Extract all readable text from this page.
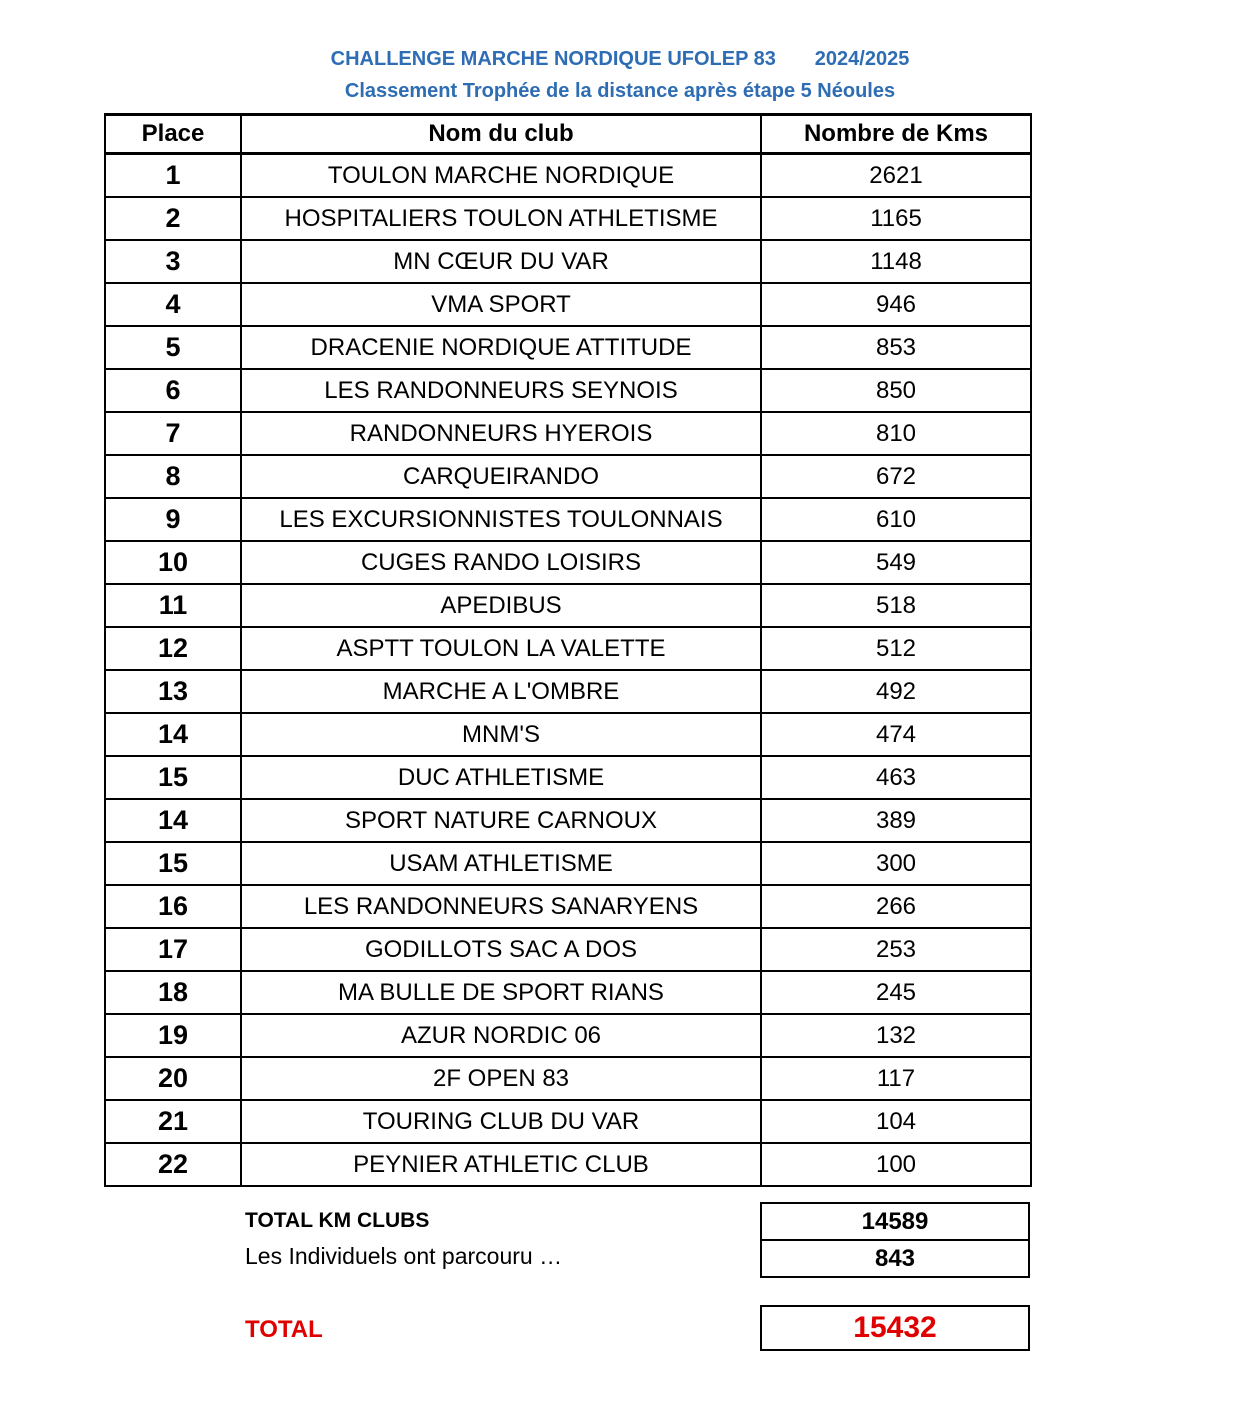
CHALLENGE MARCHE NORDIQUE UFOLEP 83 2024/2025
Classement Trophée de la distance après étape 5 Néoules
Place	Nom du club	Nombre de Kms
1	TOULON MARCHE NORDIQUE	2621
2	HOSPITALIERS TOULON ATHLETISME	1165
3	MN CŒUR DU VAR	1148
4	VMA SPORT	946
5	DRACENIE NORDIQUE ATTITUDE	853
6	LES RANDONNEURS SEYNOIS	850
7	RANDONNEURS HYEROIS	810
8	CARQUEIRANDO	672
9	LES EXCURSIONNISTES TOULONNAIS	610
10	CUGES RANDO LOISIRS	549
11	APEDIBUS	518
12	ASPTT TOULON LA VALETTE	512
13	MARCHE A L'OMBRE	492
14	MNM'S	474
15	DUC ATHLETISME	463
14	SPORT NATURE CARNOUX	389
15	USAM ATHLETISME	300
16	LES RANDONNEURS SANARYENS	266
17	GODILLOTS SAC A DOS	253
18	MA BULLE DE SPORT RIANS	245
19	AZUR NORDIC 06	132
20	2F OPEN 83	117
21	TOURING CLUB DU VAR	104
22	PEYNIER ATHLETIC CLUB	100
TOTAL KM CLUBS	14589
Les Individuels ont parcouru …	843
TOTAL	15432
